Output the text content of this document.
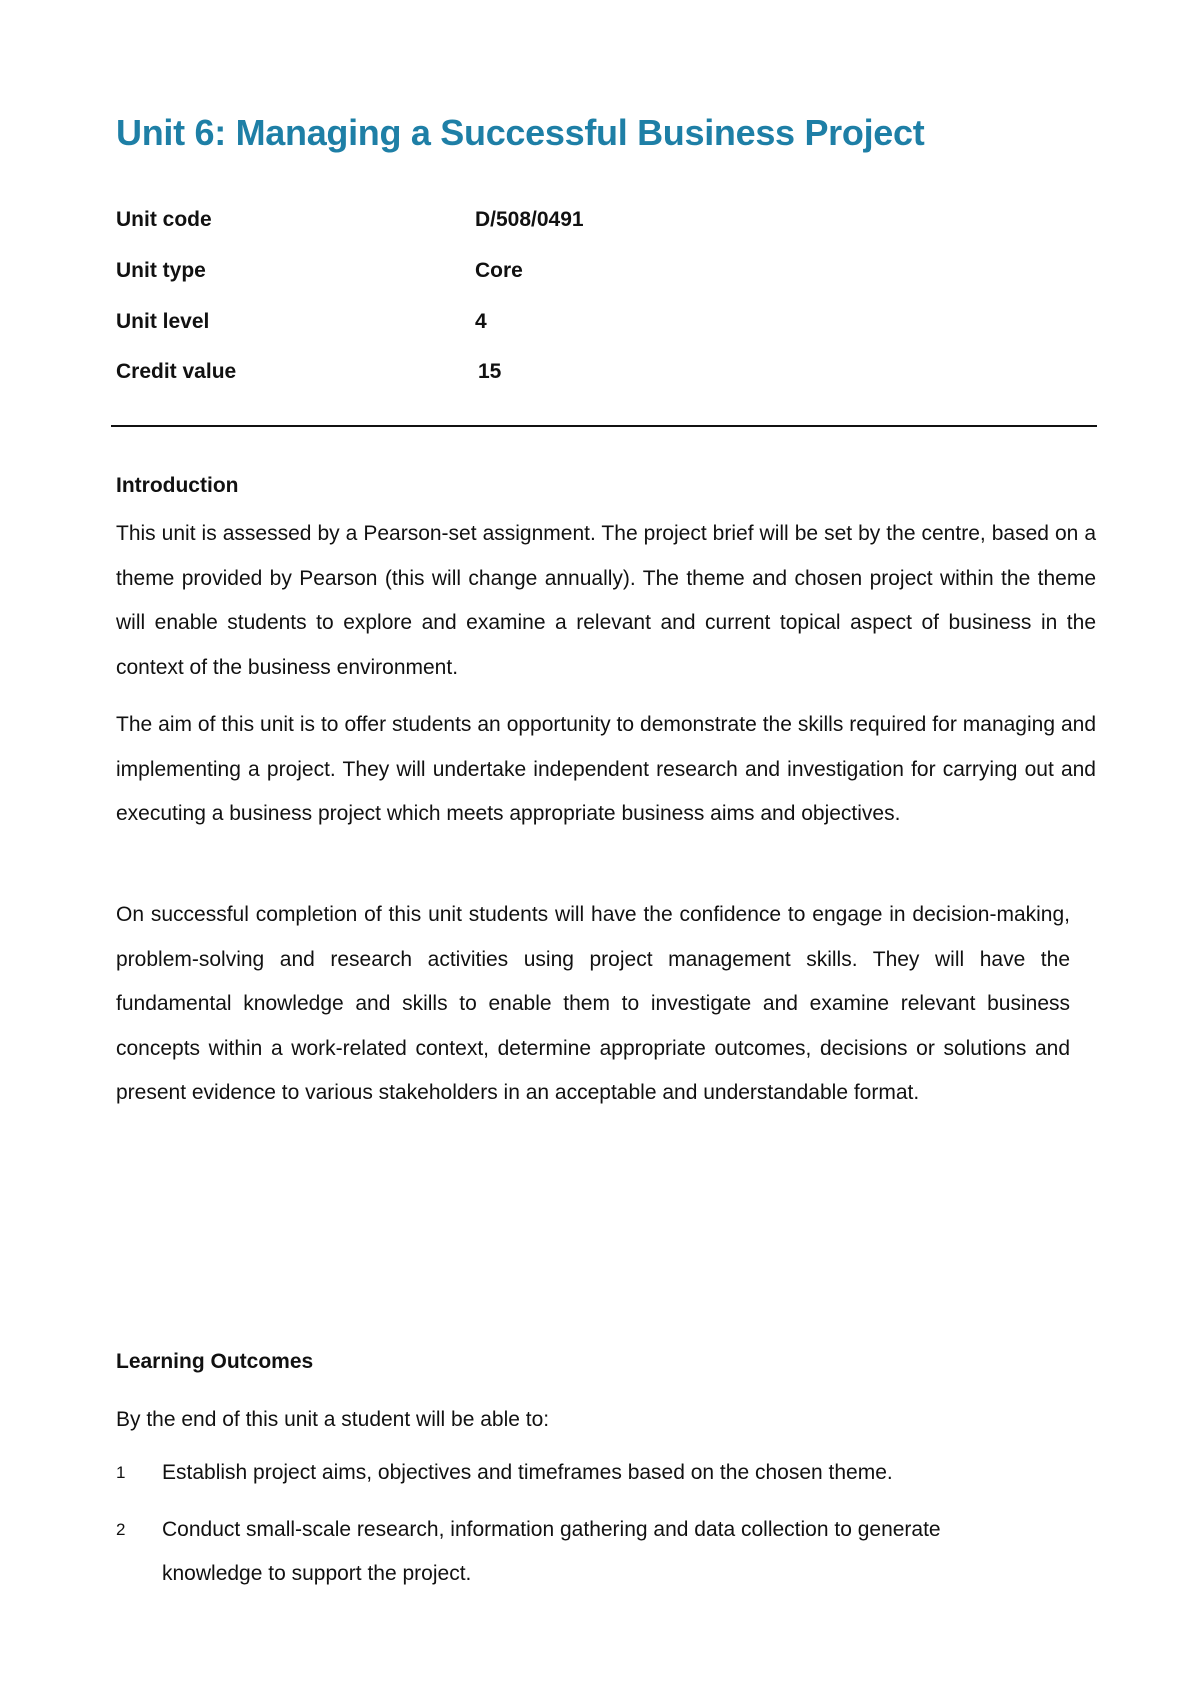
Unit 6: Managing a Successful Business Project
Unit code	D/508/0491
Unit type	Core
Unit level	4
Credit value	15
Introduction

This unit is assessed by a Pearson-set assignment. The project brief will be set by the centre, based on a theme provided by Pearson (this will change annually). The theme and chosen project within the theme will enable students to explore and examine a relevant and current topical aspect of business in the context of the business environment.

The aim of this unit is to offer students an opportunity to demonstrate the skills required for managing and implementing a project. They will undertake independent research and investigation for carrying out and executing a business project which meets appropriate business aims and objectives.

On successful completion of this unit students will have the confidence to engage in decision-making, problem-solving and research activities using project management skills. They will have the fundamental knowledge and skills to enable them to investigate and examine relevant business concepts within a work-related context, determine appropriate outcomes, decisions or solutions and present evidence to various stakeholders in an acceptable and understandable format.

Learning Outcomes

By the end of this unit a student will be able to:

1 Establish project aims, objectives and timeframes based on the chosen theme.
2 Conduct small-scale research, information gathering and data collection to generate knowledge to support the project.
